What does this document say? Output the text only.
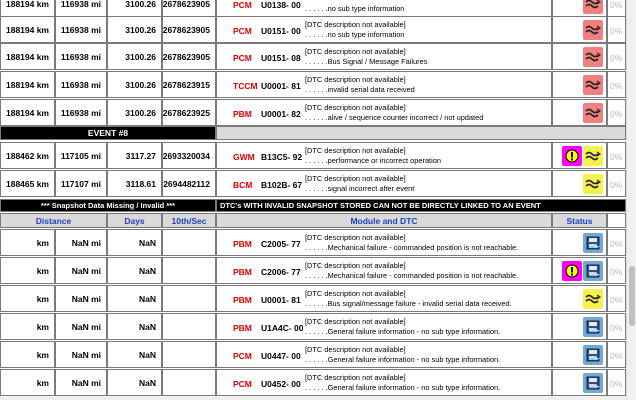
188194 km	116938 mi	3100.26 2678623905	PCM U0138- 00 . . . . . .no sub type information	0%
188194 km	116938 mi	3100.26 2678623905	PCM U0151- 00
[DTC description not available]
. . . . . .no sub type information	0%
188194 km	116938 mi	3100.26 2678623905	PCM U0151- 08
[DTC description not available]
. . . . . .Bus Signal / Message Failures	0%
188194 km	116938 mi	3100.26 2678623915	TCCM U0001- 81
[DTC description not available]
. . . . . .invalid serial data received	0%
188194 km	116938 mi	3100.26 2678623925	PBM U0001- 82
[DTC description not available]
. . . . . .alive / sequence counter incorrect / not updated	0%
EVENT #8
188462 km	117105 mi	3117.27 2693320034	GWM B13C5- 92
[DTC description not available]
. . . . . .performance or incorrect operation	0%
188465 km	117107 mi	3118.61 2694482112	BCM B102B- 67
[DTC description not available]
. . . . . .signal incorrect after event	0%
*** Snapshot Data Missing / Invalid ***	DTC's WITH INVALID SNAPSHOT STORED CAN NOT BE DIRECTLY LINKED TO AN EVENT
Distance	Days	10th/Sec	Module and DTC	Status
km	NaN mi	NaN	PBM C2005- 77
[DTC description not available]
. . . . . .Mechanical failure - commanded position is not reachable.	0%
km	NaN mi	NaN	PBM C2006- 77
[DTC description not available]
. . . . . .Mechanical failure - commanded position is not reachable.	0%
km	NaN mi	NaN	PBM U0001- 81
[DTC description not available]
. . . . . .Bus signal/message failure - invalid serial data received.	0%
km	NaN mi	NaN	PBM U1A4C- 00
[DTC description not available]
. . . . . .General failure information - no sub type information.	0%
km	NaN mi	NaN	PCM U0447- 00
[DTC description not available]
. . . . . .General failure information - no sub type information.	0%
km	NaN mi	NaN	PCM U0452- 00
[DTC description not available]
. . . . . .General failure information - no sub type information.	0%
